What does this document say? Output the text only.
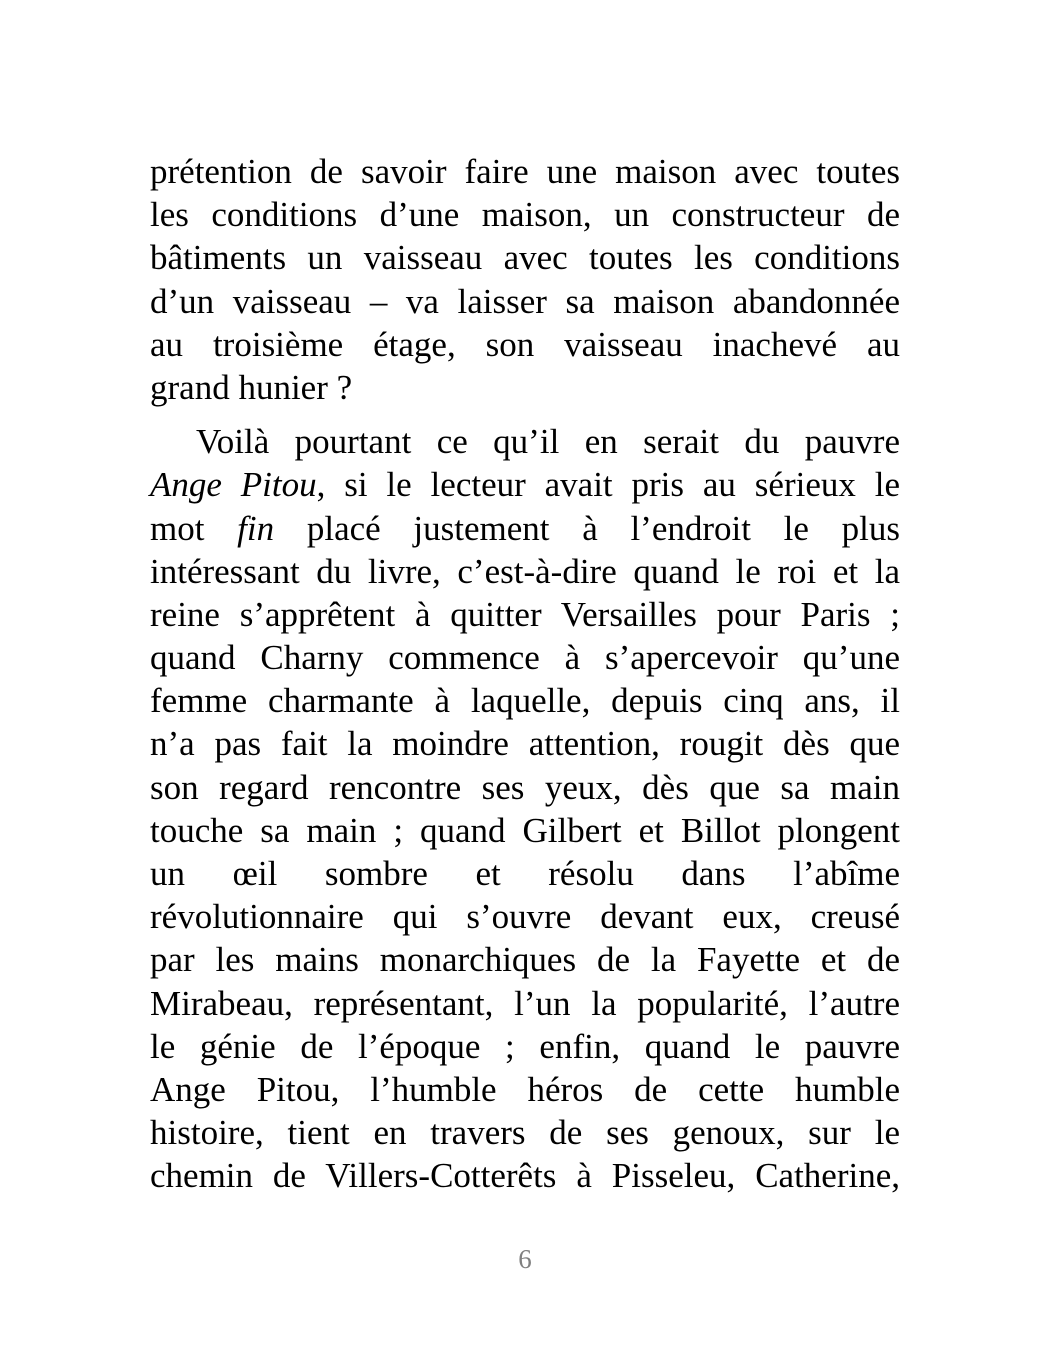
prétention de savoir faire une maison avec toutes
les conditions d’une maison, un constructeur de
bâtiments un vaisseau avec toutes les conditions
d’un vaisseau – va laisser sa maison abandonnée
au troisième étage, son vaisseau inachevé au
grand hunier ?
Voilà pourtant ce qu’il en serait du pauvre
Ange Pitou, si le lecteur avait pris au sérieux le
mot fin placé justement à l’endroit le plus
intéressant du livre, c’est-à-dire quand le roi et la
reine s’apprêtent à quitter Versailles pour Paris ;
quand Charny commence à s’apercevoir qu’une
femme charmante à laquelle, depuis cinq ans, il
n’a pas fait la moindre attention, rougit dès que
son regard rencontre ses yeux, dès que sa main
touche sa main ; quand Gilbert et Billot plongent
un œil sombre et résolu dans l’abîme
révolutionnaire qui s’ouvre devant eux, creusé
par les mains monarchiques de la Fayette et de
Mirabeau, représentant, l’un la popularité, l’autre
le génie de l’époque ; enfin, quand le pauvre
Ange Pitou, l’humble héros de cette humble
histoire, tient en travers de ses genoux, sur le
chemin de Villers-Cotterêts à Pisseleu, Catherine,
6
